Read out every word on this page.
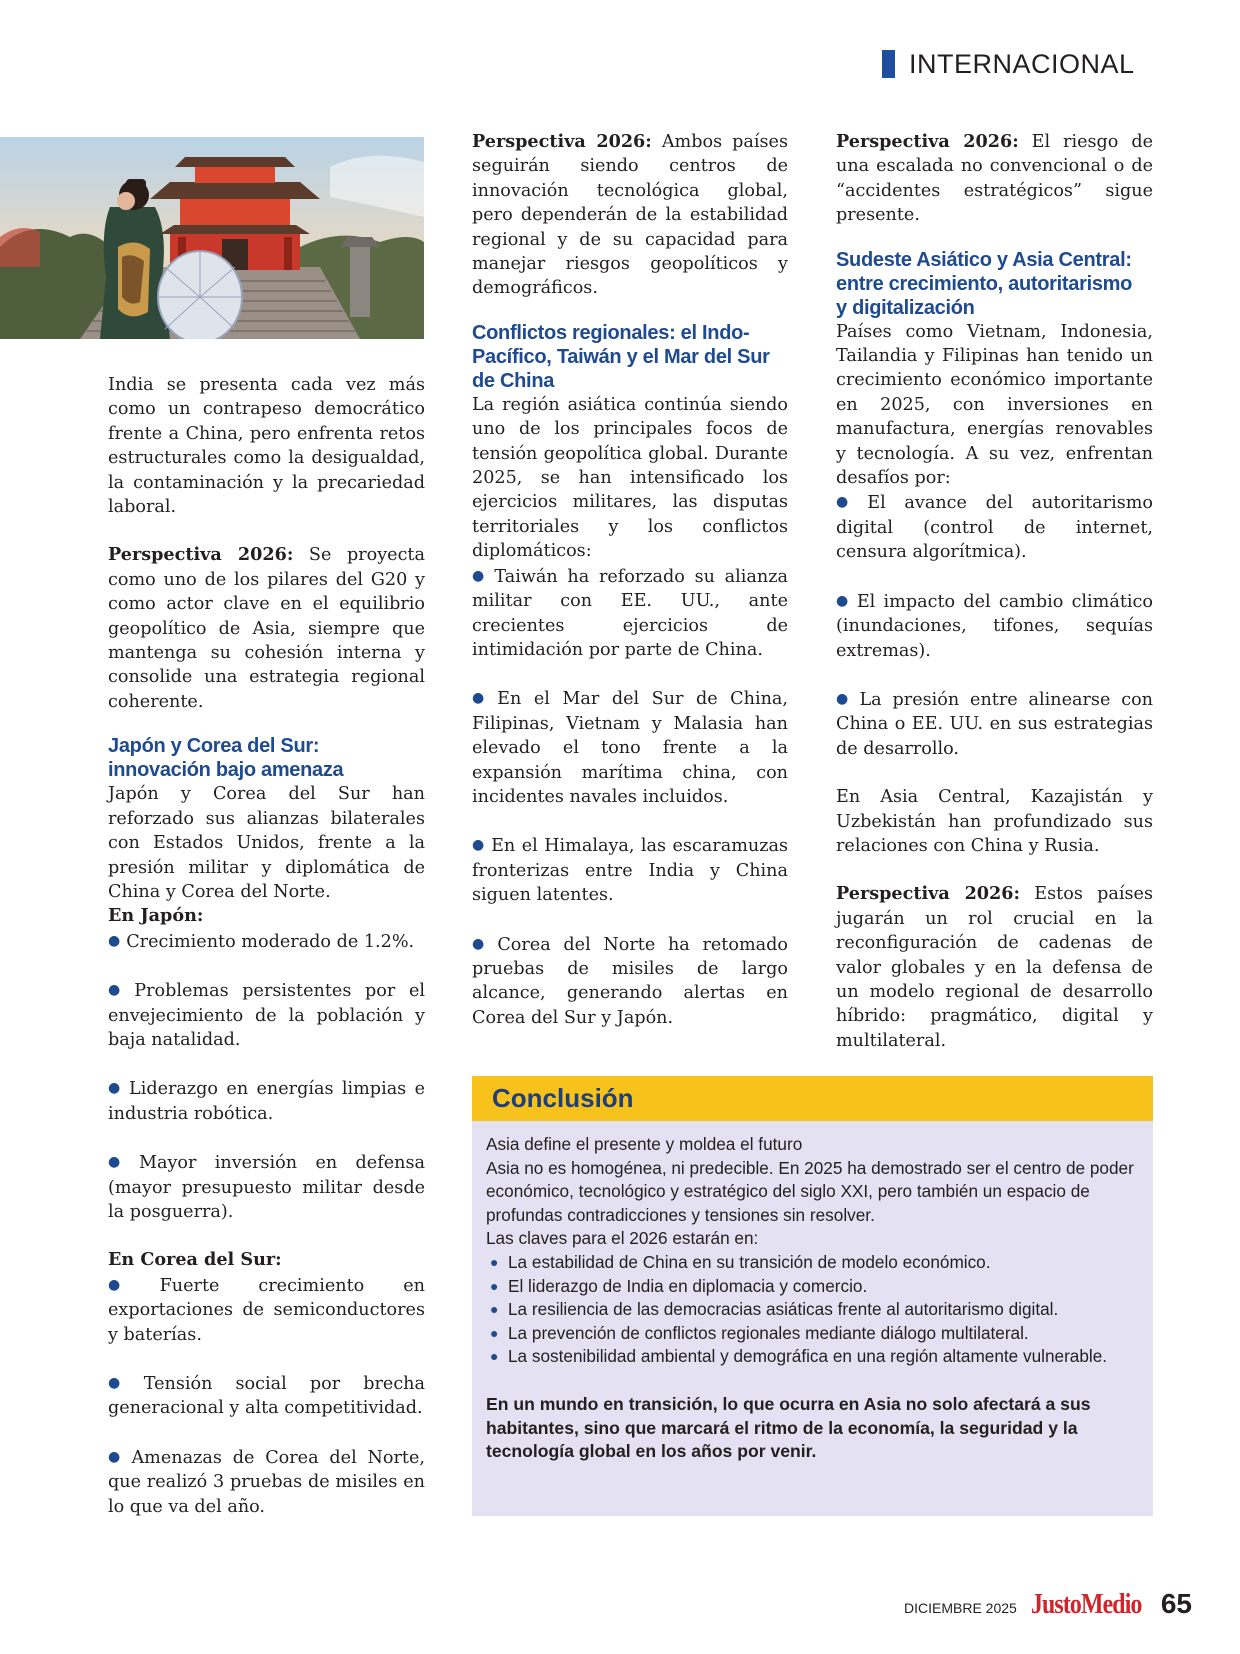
INTERNACIONAL

India se presenta cada vez más como un contrapeso democrático frente a China, pero enfrenta retos estructurales como la desigualdad, la contaminación y la precariedad laboral.

Perspectiva 2026: Se proyecta como uno de los pilares del G20 y como actor clave en el equilibrio geopolítico de Asia, siempre que mantenga su cohesión interna y consolide una estrategia regional coherente.

Japón y Corea del Sur:
innovación bajo amenaza

Japón y Corea del Sur han reforzado sus alianzas bilaterales con Estados Unidos, frente a la presión militar y diplomática de China y Corea del Norte.

En Japón:

● Crecimiento moderado de 1.2%.

● Problemas persistentes por el envejecimiento de la población y baja natalidad.

● Liderazgo en energías limpias e industria robótica.

● Mayor inversión en defensa (mayor presupuesto militar desde la posguerra).

En Corea del Sur:

● Fuerte crecimiento en exportaciones de semiconductores y baterías.

● Tensión social por brecha generacional y alta competitividad.

● Amenazas de Corea del Norte, que realizó 3 pruebas de misiles en lo que va del año.

Perspectiva 2026: Ambos países seguirán siendo centros de innovación tecnológica global, pero dependerán de la estabilidad regional y de su capacidad para manejar riesgos geopolíticos y demográficos.

Conflictos regionales: el Indo-
Pacífico, Taiwán y el Mar del Sur
de China

La región asiática continúa siendo uno de los principales focos de tensión geopolítica global. Durante 2025, se han intensificado los ejercicios militares, las disputas territoriales y los conflictos diplomáticos:

● Taiwán ha reforzado su alianza militar con EE. UU., ante crecientes ejercicios de intimidación por parte de China.

● En el Mar del Sur de China, Filipinas, Vietnam y Malasia han elevado el tono frente a la expansión marítima china, con incidentes navales incluidos.

● En el Himalaya, las escaramuzas fronterizas entre India y China siguen latentes.

● Corea del Norte ha retomado pruebas de misiles de largo alcance, generando alertas en Corea del Sur y Japón.

Perspectiva 2026: El riesgo de una escalada no convencional o de “accidentes estratégicos” sigue presente.

Sudeste Asiático y Asia Central:
entre crecimiento, autoritarismo
y digitalización

Países como Vietnam, Indonesia, Tailandia y Filipinas han tenido un crecimiento económico importante en 2025, con inversiones en manufactura, energías renovables y tecnología. A su vez, enfrentan desafíos por:

● El avance del autoritarismo digital (control de internet, censura algorítmica).

● El impacto del cambio climático (inundaciones, tifones, sequías extremas).

● La presión entre alinearse con China o EE. UU. en sus estrategias de desarrollo.

En Asia Central, Kazajistán y Uzbekistán han profundizado sus relaciones con China y Rusia.

Perspectiva 2026: Estos países jugarán un rol crucial en la reconfiguración de cadenas de valor globales y en la defensa de un modelo regional de desarrollo híbrido: pragmático, digital y multilateral.

Conclusión

Asia define el presente y moldea el futuro

Asia no es homogénea, ni predecible. En 2025 ha demostrado ser el centro de poder económico, tecnológico y estratégico del siglo XXI, pero también un espacio de profundas contradicciones y tensiones sin resolver.

Las claves para el 2026 estarán en:

● La estabilidad de China en su transición de modelo económico.
● El liderazgo de India en diplomacia y comercio.
● La resiliencia de las democracias asiáticas frente al autoritarismo digital.
● La prevención de conflictos regionales mediante diálogo multilateral.
● La sostenibilidad ambiental y demográfica en una región altamente vulnerable.

En un mundo en transición, lo que ocurra en Asia no solo afectará a sus habitantes, sino que marcará el ritmo de la economía, la seguridad y la tecnología global en los años por venir.

DICIEMBRE 2025 JustoMedio 65
